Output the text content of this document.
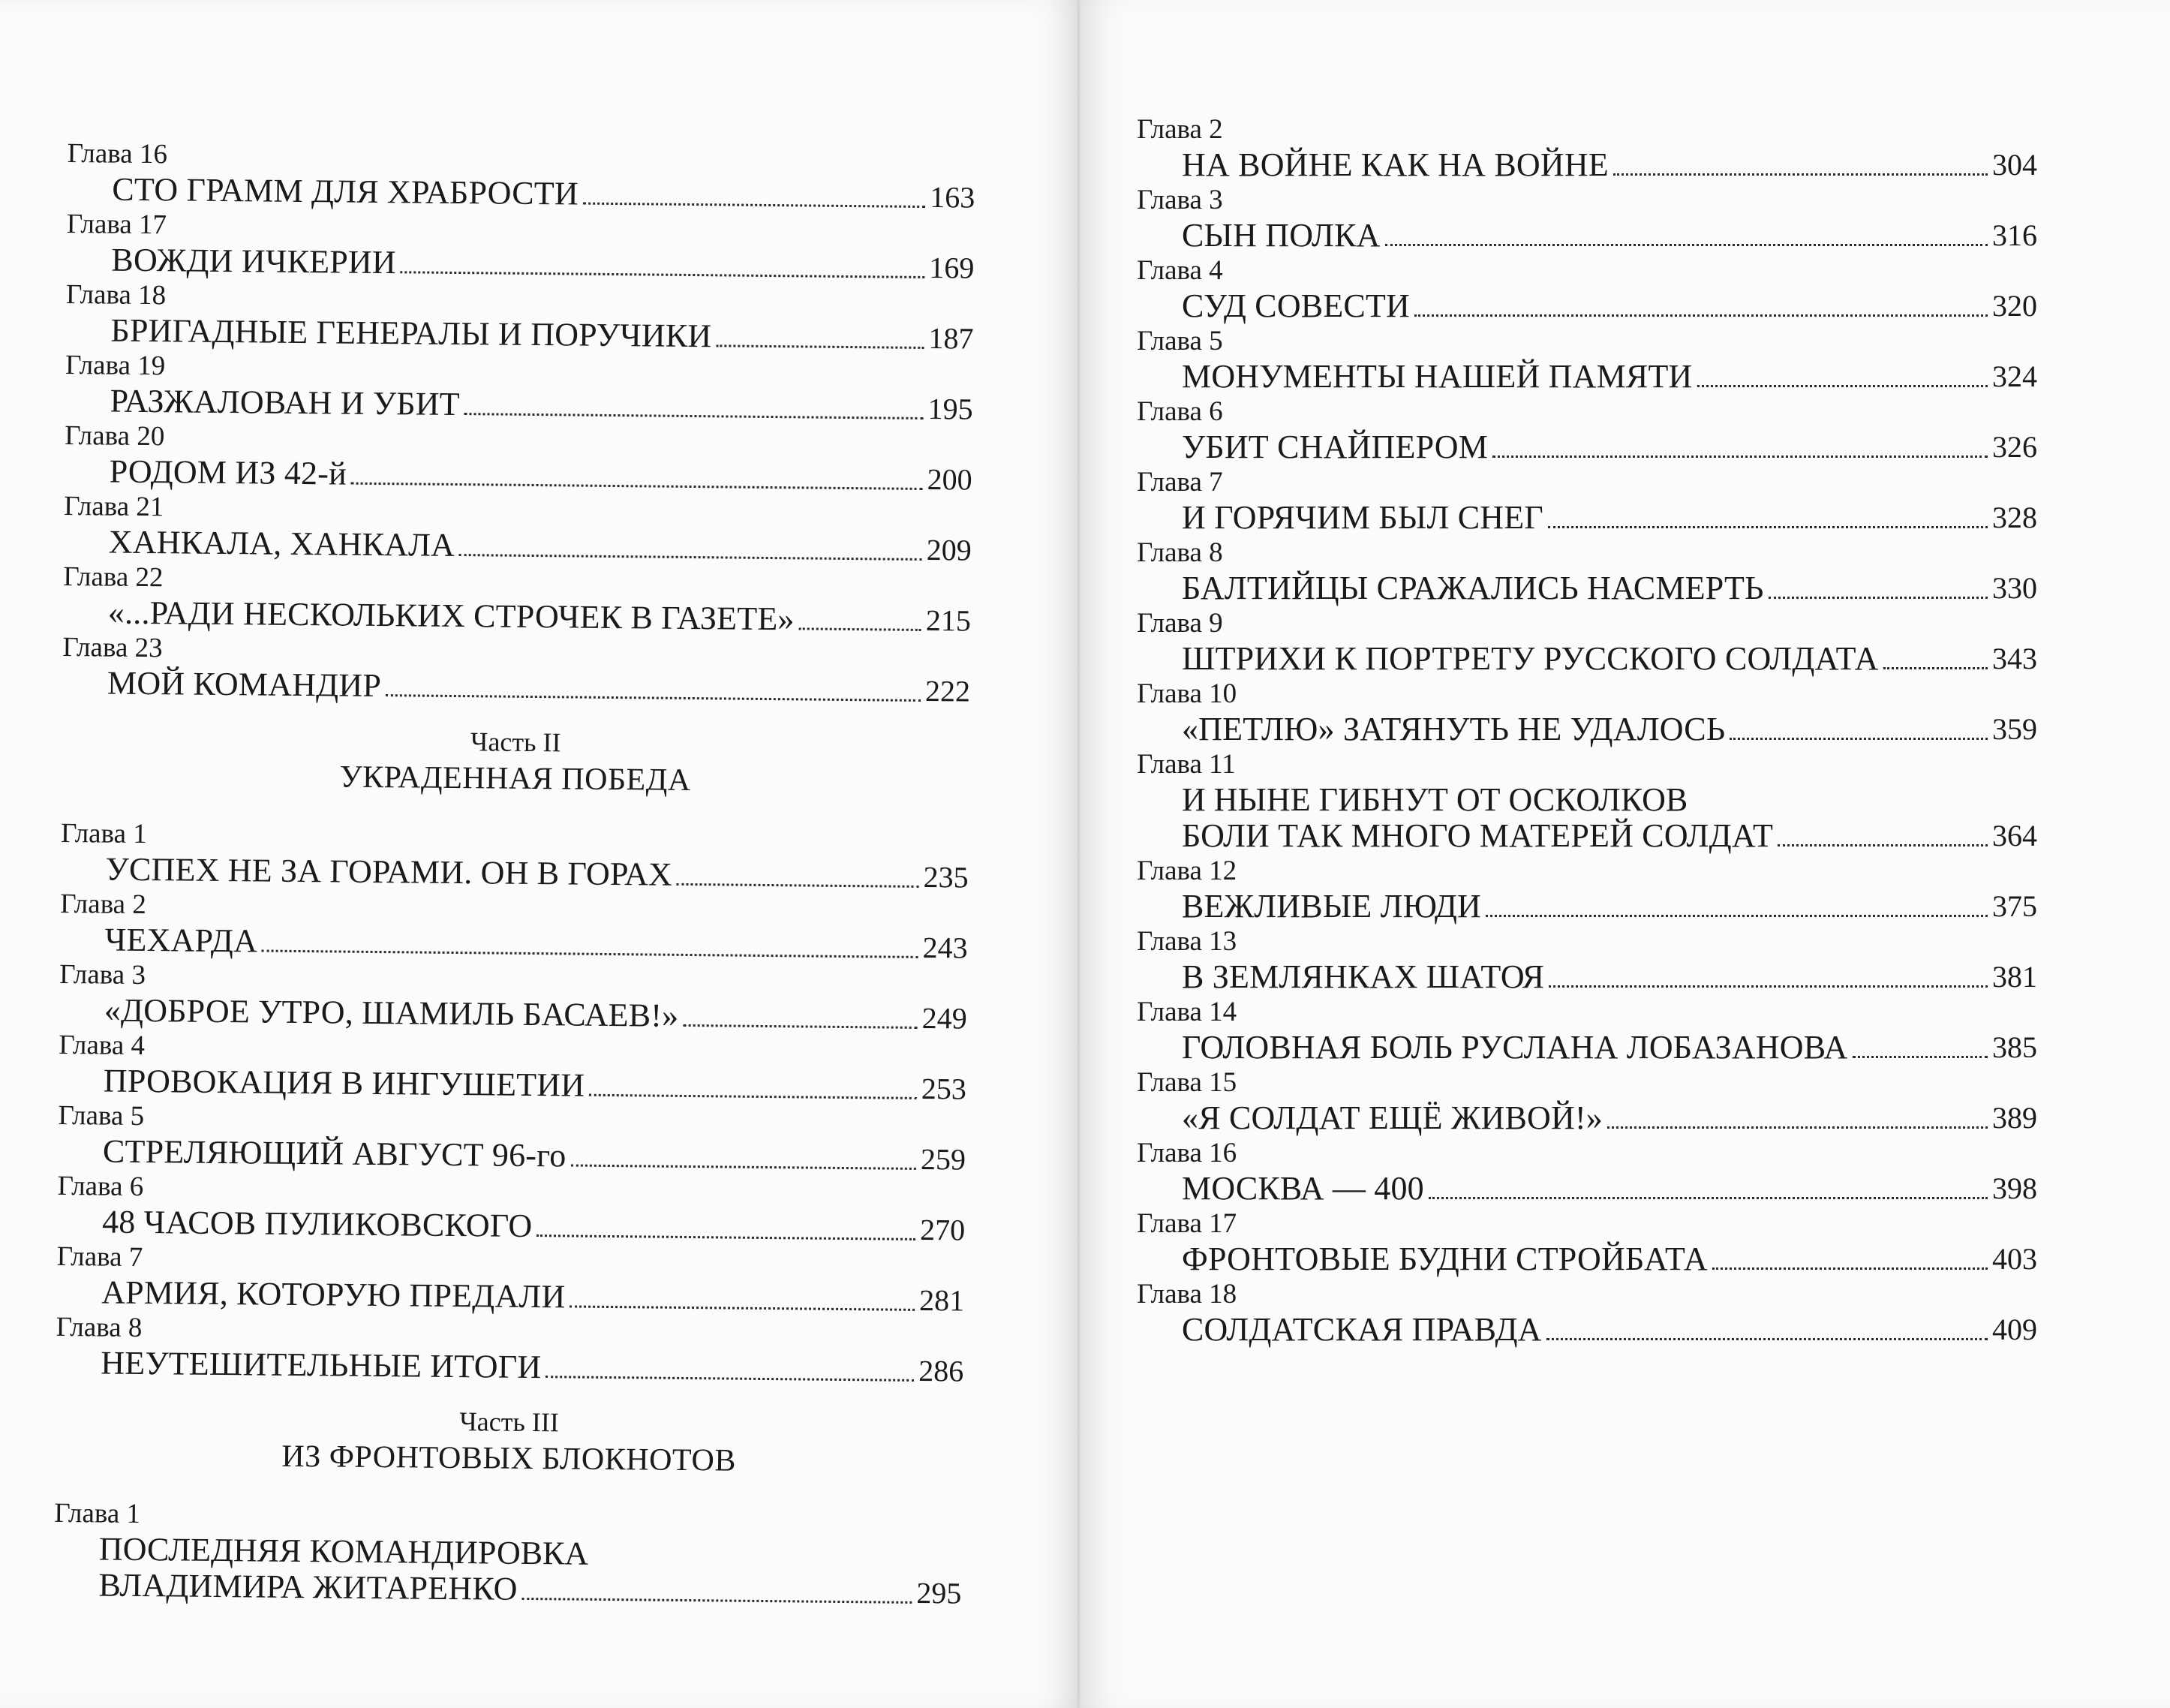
Глава 16
СТО ГРАММ ДЛЯ ХРАБРОСТИ	163
Глава 17
ВОЖДИ ИЧКЕРИИ	169
Глава 18
БРИГАДНЫЕ ГЕНЕРАЛЫ И ПОРУЧИКИ	187
Глава 19
РАЗЖАЛОВАН И УБИТ	195
Глава 20
РОДОМ ИЗ 42-й	200
Глава 21
ХАНКАЛА, ХАНКАЛА	209
Глава 22
«...РАДИ НЕСКОЛЬКИХ СТРОЧЕК В ГАЗЕТЕ»	215
Глава 23
МОЙ КОМАНДИР	222
Часть II
УКРАДЕННАЯ ПОБЕДА
Глава 1
УСПЕХ НЕ ЗА ГОРАМИ. ОН В ГОРАХ	235
Глава 2
ЧЕХАРДА	243
Глава 3
«ДОБРОЕ УТРО, ШАМИЛЬ БАСАЕВ!»	249
Глава 4
ПРОВОКАЦИЯ В ИНГУШЕТИИ	253
Глава 5
СТРЕЛЯЮЩИЙ АВГУСТ 96-го	259
Глава 6
48 ЧАСОВ ПУЛИКОВСКОГО	270
Глава 7
АРМИЯ, КОТОРУЮ ПРЕДАЛИ	281
Глава 8
НЕУТЕШИТЕЛЬНЫЕ ИТОГИ	286
Часть III
ИЗ ФРОНТОВЫХ БЛОКНОТОВ
Глава 1
ПОСЛЕДНЯЯ КОМАНДИРОВКА
ВЛАДИМИРА ЖИТАРЕНКО	295
Глава 2
НА ВОЙНЕ КАК НА ВОЙНЕ	304
Глава 3
СЫН ПОЛКА	316
Глава 4
СУД СОВЕСТИ	320
Глава 5
МОНУМЕНТЫ НАШЕЙ ПАМЯТИ	324
Глава 6
УБИТ СНАЙПЕРОМ	326
Глава 7
И ГОРЯЧИМ БЫЛ СНЕГ	328
Глава 8
БАЛТИЙЦЫ СРАЖАЛИСЬ НАСМЕРТЬ	330
Глава 9
ШТРИХИ К ПОРТРЕТУ РУССКОГО СОЛДАТА	343
Глава 10
«ПЕТЛЮ» ЗАТЯНУТЬ НЕ УДАЛОСЬ	359
Глава 11
И НЫНЕ ГИБНУТ ОТ ОСКОЛКОВ
БОЛИ ТАК МНОГО МАТЕРЕЙ СОЛДАТ	364
Глава 12
ВЕЖЛИВЫЕ ЛЮДИ	375
Глава 13
В ЗЕМЛЯНКАХ ШАТОЯ	381
Глава 14
ГОЛОВНАЯ БОЛЬ РУСЛАНА ЛОБАЗАНОВА	385
Глава 15
«Я СОЛДАТ ЕЩЁ ЖИВОЙ!»	389
Глава 16
МОСКВА — 400	398
Глава 17
ФРОНТОВЫЕ БУДНИ СТРОЙБАТА	403
Глава 18
СОЛДАТСКАЯ ПРАВДА	409
